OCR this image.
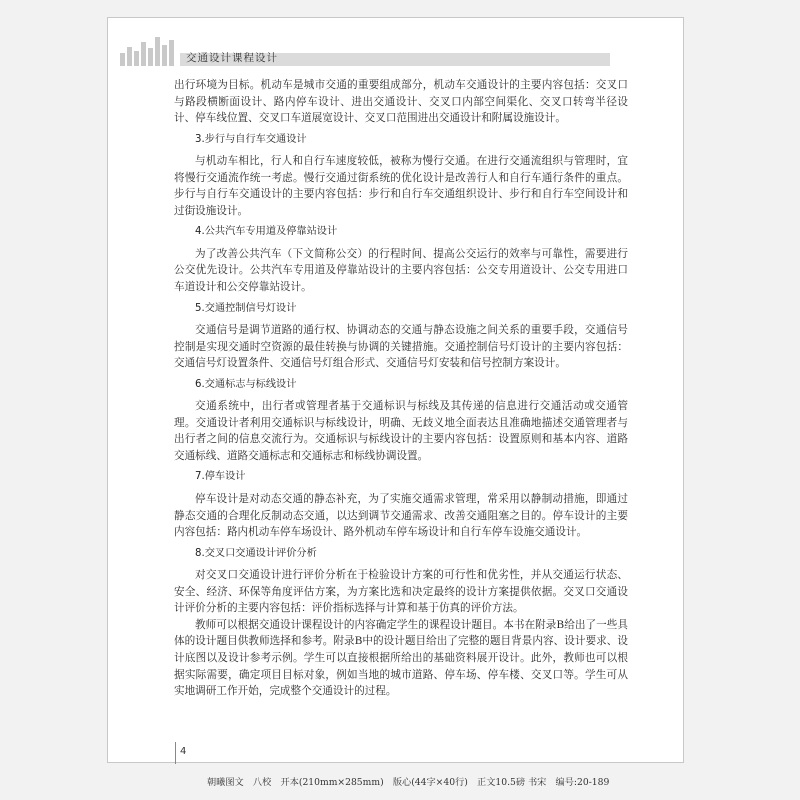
交通设计课程设计

出行环境为目标。机动车是城市交通的重要组成部分，机动车交通设计的主要内容包括：交叉口与路段横断面设计、路内停车设计、进出交通设计、交叉口内部空间渠化、交叉口转弯半径设计、停车线位置、交叉口车道展宽设计、交叉口范围进出交通设计和附属设施设计。

3.步行与自行车交通设计

与机动车相比，行人和自行车速度较低，被称为慢行交通。在进行交通流组织与管理时，宜将慢行交通流作统一考虑。慢行交通过街系统的优化设计是改善行人和自行车通行条件的重点。步行与自行车交通设计的主要内容包括：步行和自行车交通组织设计、步行和自行车空间设计和过街设施设计。

4.公共汽车专用道及停靠站设计

为了改善公共汽车（下文简称公交）的行程时间、提高公交运行的效率与可靠性，需要进行公交优先设计。公共汽车专用道及停靠站设计的主要内容包括：公交专用道设计、公交专用进口车道设计和公交停靠站设计。

5.交通控制信号灯设计

交通信号是调节道路的通行权、协调动态的交通与静态设施之间关系的重要手段，交通信号控制是实现交通时空资源的最佳转换与协调的关键措施。交通控制信号灯设计的主要内容包括：交通信号灯设置条件、交通信号灯组合形式、交通信号灯安装和信号控制方案设计。

6.交通标志与标线设计

交通系统中，出行者或管理者基于交通标识与标线及其传递的信息进行交通活动或交通管理。交通设计者利用交通标识与标线设计，明确、无歧义地全面表达且准确地描述交通管理者与出行者之间的信息交流行为。交通标识与标线设计的主要内容包括：设置原则和基本内容、道路交通标线、道路交通标志和交通标志和标线协调设置。

7.停车设计

停车设计是对动态交通的静态补充，为了实施交通需求管理，常采用以静制动措施，即通过静态交通的合理化反制动态交通，以达到调节交通需求、改善交通阻塞之目的。停车设计的主要内容包括：路内机动车停车场设计、路外机动车停车场设计和自行车停车设施交通设计。

8.交叉口交通设计评价分析

对交叉口交通设计进行评价分析在于检验设计方案的可行性和优劣性，并从交通运行状态、安全、经济、环保等角度评估方案，为方案比选和决定最终的设计方案提供依据。交叉口交通设计评价分析的主要内容包括：评价指标选择与计算和基于仿真的评价方法。

教师可以根据交通设计课程设计的内容确定学生的课程设计题目。本书在附录B给出了一些具体的设计题目供教师选择和参考。附录B中的设计题目给出了完整的题目背景内容、设计要求、设计底图以及设计参考示例。学生可以直接根据所给出的基础资料展开设计。此外，教师也可以根据实际需要，确定项目目标对象，例如当地的城市道路、停车场、停车楼、交叉口等。学生可从实地调研工作开始，完成整个交通设计的过程。

4
朝曦图文　八校　开本(210mm×285mm)　版心(44字×40行)　正文10.5磅 书宋　编号:20-189
